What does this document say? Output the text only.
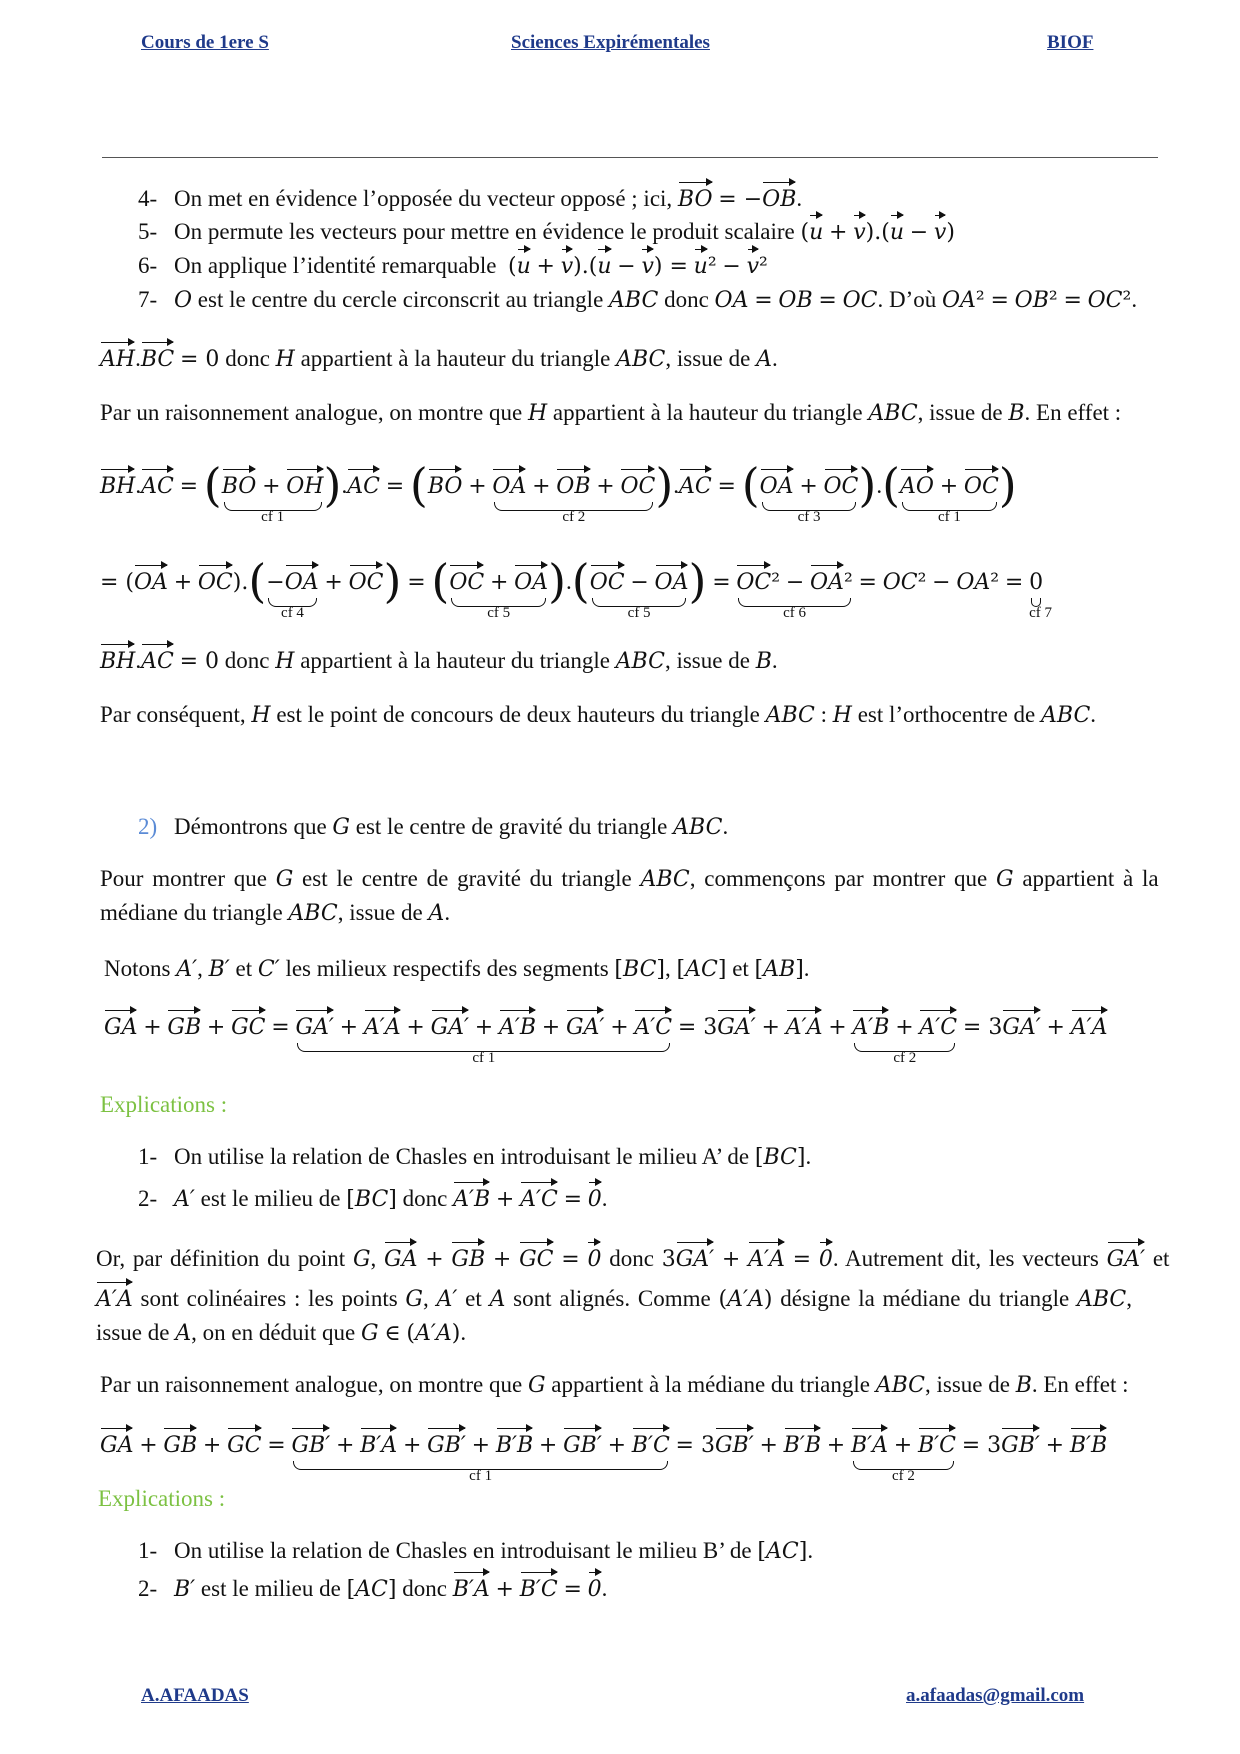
Cours de 1ere S	Sciences Expirémentales	BIOF
4- On met en évidence l’opposée du vecteur opposé ; ici, BO = −OB.
5- On permute les vecteurs pour mettre en évidence le produit scalaire (u + v).(u − v)
6- On applique l’identité remarquable (u + v).(u − v) = u² − v²
7- O est le centre du cercle circonscrit au triangle ABC donc OA = OB = OC. D’où OA² = OB² = OC².
AH.BC = 0 donc H appartient à la hauteur du triangle ABC, issue de A.
Par un raisonnement analogue, on montre que H appartient à la hauteur du triangle ABC, issue de B. En effet :
BH.AC = (BO + OH
cf 1
).AC = (BO + OA + OB + OC
cf 2
).AC = (OA + OC
cf 3
).(AO + OC
cf 1
)
= (OA + OC).(−OA
cf 4
+ OC) = (OC + OA
cf 5
).(OC − OA
cf 5
) = OC² − OA²
cf 6
= OC² − OA² = 0
cf 7
BH.AC = 0 donc H appartient à la hauteur du triangle ABC, issue de B.
Par conséquent, H est le point de concours de deux hauteurs du triangle ABC : H est l’orthocentre de ABC.
2) Démontrons que G est le centre de gravité du triangle ABC.
Pour montrer que G est le centre de gravité du triangle ABC, commençons par montrer que G appartient à la
médiane du triangle ABC, issue de A.
Notons A′, B′ et C′ les milieux respectifs des segments [BC], [AC] et [AB].
GA + GB + GC = GA′ + A′A + GA′ + A′B + GA′ + A′C
cf 1
= 3GA′ + A′A + A′B + A′C
cf 2
= 3GA′ + A′A
Explications :
1- On utilise la relation de Chasles en introduisant le milieu A’ de [BC].
2- A′ est le milieu de [BC] donc A′B + A′C = 0.
Or, par définition du point G, GA + GB + GC = 0 donc 3GA′ + A′A = 0. Autrement dit, les vecteurs GA′ et
A′A sont colinéaires : les points G, A′ et A sont alignés. Comme (A′A) désigne la médiane du triangle ABC,
issue de A, on en déduit que G ∈ (A′A).
Par un raisonnement analogue, on montre que G appartient à la médiane du triangle ABC, issue de B. En effet :
GA + GB + GC = GB′ + B′A + GB′ + B′B + GB′ + B′C
cf 1
= 3GB′ + B′B + B′A + B′C
cf 2
= 3GB′ + B′B
Explications :
1- On utilise la relation de Chasles en introduisant le milieu B’ de [AC].
2- B′ est le milieu de [AC] donc B′A + B′C = 0.
A.AFAADAS	a.afaadas@gmail.com
